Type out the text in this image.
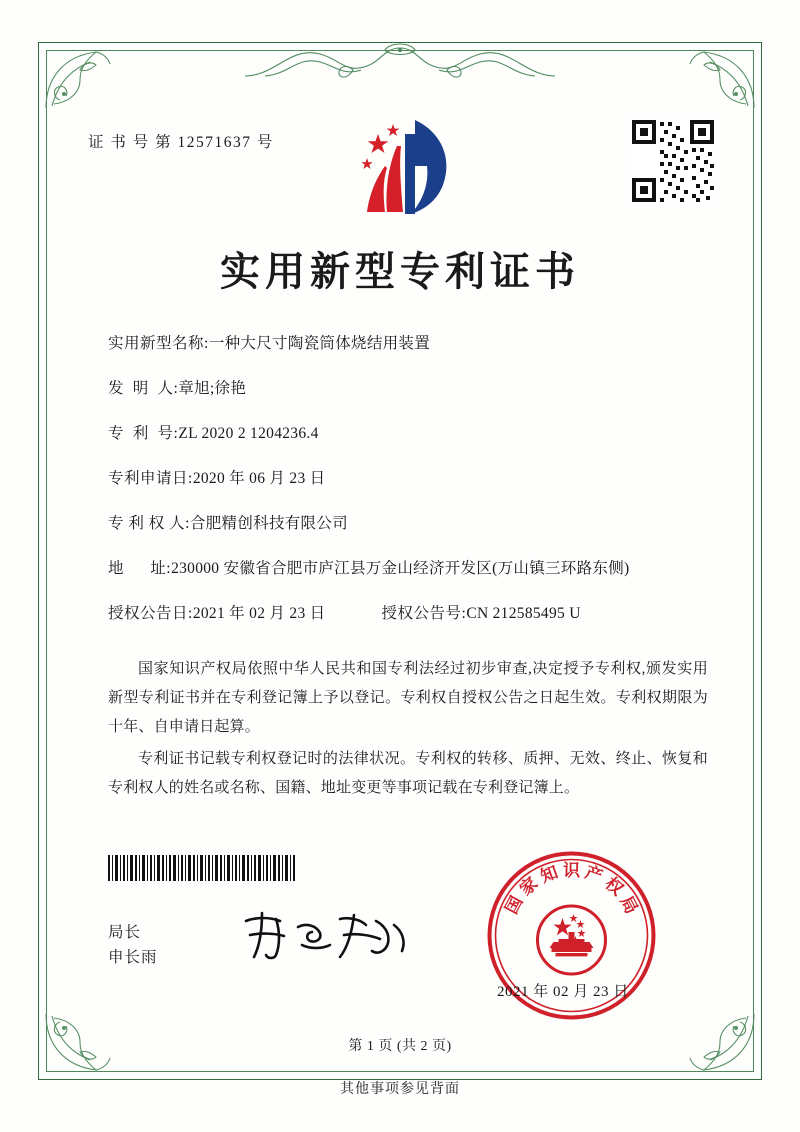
证 书 号 第 12571637 号
实用新型专利证书
实用新型名称: 一种大尺寸陶瓷筒体烧结用装置
发  明  人: 章旭;徐艳
专  利  号: ZL 2020 2 1204236.4
专利申请日: 2020 年 06 月 23 日
专 利 权 人: 合肥精创科技有限公司
地      址: 230000 安徽省合肥市庐江县万金山经济开发区(万山镇三环路东侧)
授权公告日: 2021 年 02 月 23 日	授权公告号: CN 212585495 U

国家知识产权局依照中华人民共和国专利法经过初步审查,决定授予专利权,颁发实用新型专利证书并在专利登记簿上予以登记。专利权自授权公告之日起生效。专利权期限为十年、自申请日起算。

专利证书记载专利权登记时的法律状况。专利权的转移、质押、无效、终止、恢复和专利权人的姓名或名称、国籍、地址变更等事项记载在专利登记簿上。

局长
申长雨
国
家
知 识 产
权
局
2021 年 02 月 23 日
第 1 页 (共 2 页)
其他事项参见背面
